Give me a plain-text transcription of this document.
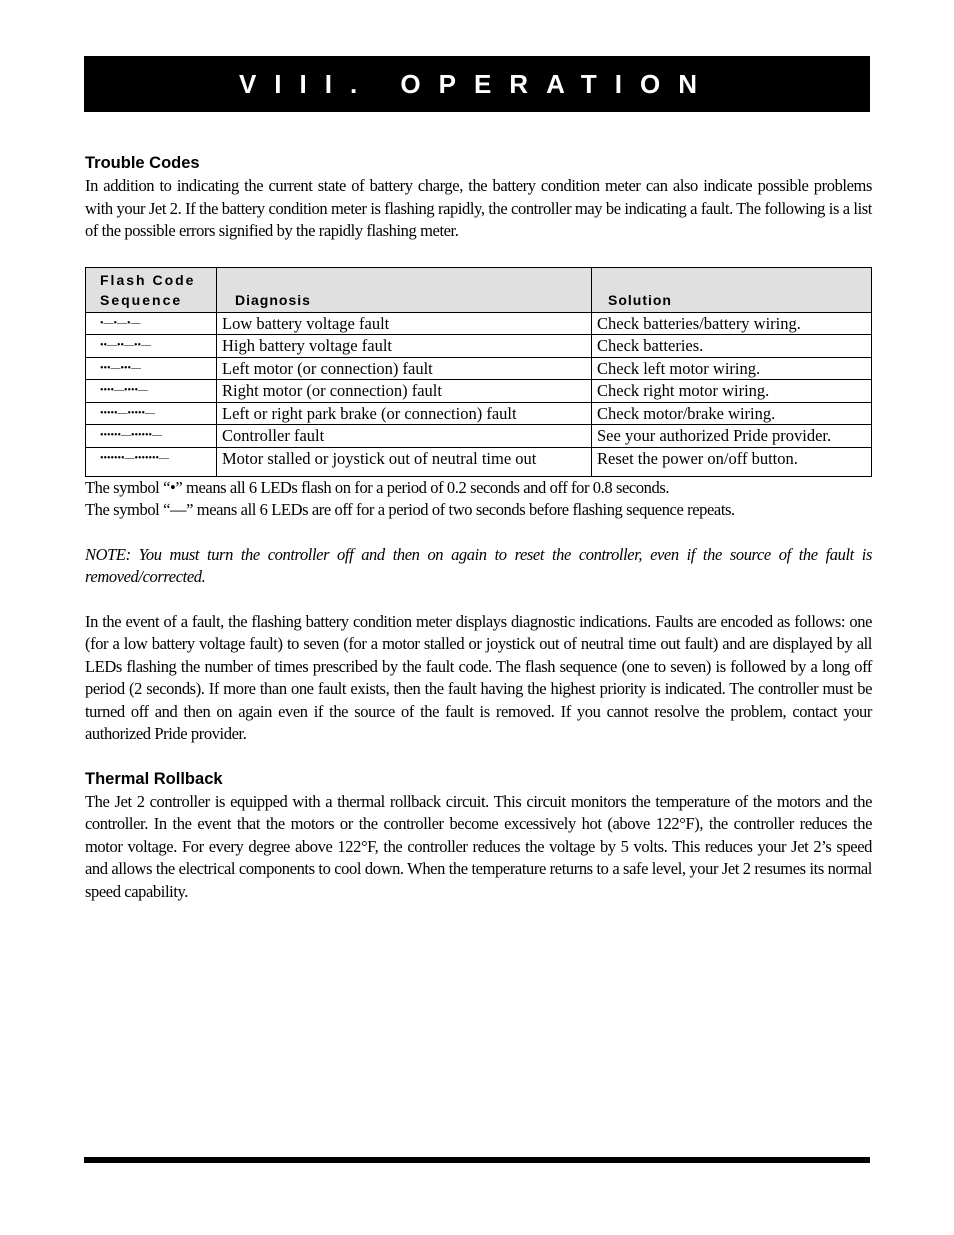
VIII. OPERATION
Trouble Codes

In addition to indicating the current state of battery charge, the battery condition meter can also indicate possible problems with your Jet 2. If the battery condition meter is flashing rapidly, the controller may be indicating a fault. The following is a list of the possible errors signified by the rapidly flashing meter.

Flash Code
Sequence	Diagnosis	Solution
•—•—•—	Low battery voltage fault	Check batteries/battery wiring.
••—••—••—	High battery voltage fault	Check batteries.
•••—•••—	Left motor (or connection) fault	Check left motor wiring.
••••—••••—	Right motor (or connection) fault	Check right motor wiring.
•••••—•••••—	Left or right park brake (or connection) fault	Check motor/brake wiring.
••••••—••••••—	Controller fault	See your authorized Pride provider.
•••••••—•••••••—	Motor stalled or joystick out of neutral time out	Reset the power on/off button.

The symbol “•” means all 6 LEDs flash on for a period of 0.2 seconds and off for 0.8 seconds.

The symbol “—” means all 6 LEDs are off for a period of two seconds before flashing sequence repeats.

NOTE: You must turn the controller off and then on again to reset the controller, even if the source of the fault is removed/corrected.

In the event of a fault, the flashing battery condition meter displays diagnostic indications. Faults are encoded as follows: one (for a low battery voltage fault) to seven (for a motor stalled or joystick out of neutral time out fault) and are displayed by all LEDs flashing the number of times prescribed by the fault code. The flash sequence (one to seven) is followed by a long off period (2 seconds). If more than one fault exists, then the fault having the highest priority is indicated. The controller must be turned off and then on again even if the source of the fault is removed. If you cannot resolve the problem, contact your authorized Pride provider.

Thermal Rollback

The Jet 2 controller is equipped with a thermal rollback circuit. This circuit monitors the temperature of the motors and the controller. In the event that the motors or the controller become excessively hot (above 122°F), the controller reduces the motor voltage. For every degree above 122°F, the controller reduces the voltage by 5 volts. This reduces your Jet 2’s speed and allows the electrical components to cool down. When the temperature returns to a safe level, your Jet 2 resumes its normal speed capability.
